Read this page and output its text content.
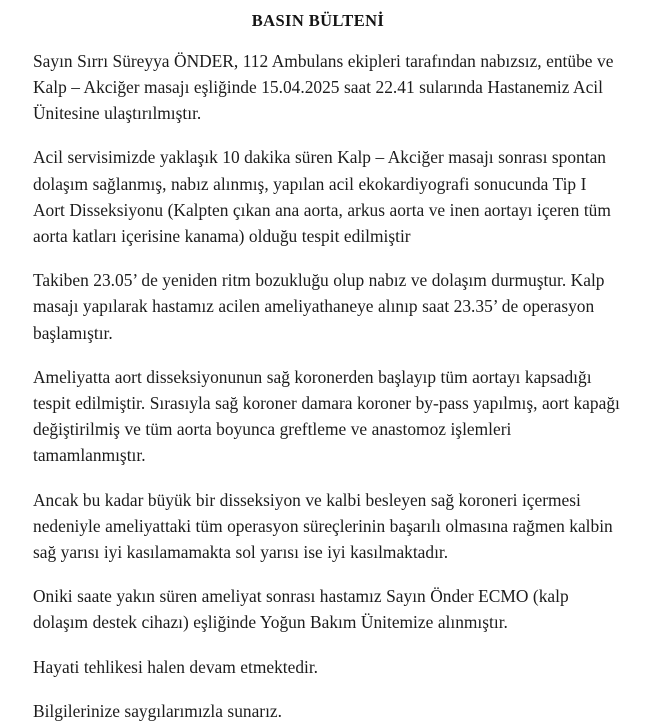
BASIN BÜLTENİ

Sayın Sırrı Süreyya ÖNDER, 112 Ambulans ekipleri tarafından nabızsız, entübe ve Kalp – Akciğer masajı eşliğinde 15.04.2025 saat 22.41 sularında Hastanemiz Acil Ünitesine ulaştırılmıştır.

Acil servisimizde yaklaşık 10 dakika süren Kalp – Akciğer masajı sonrası spontan dolaşım sağlanmış, nabız alınmış, yapılan acil ekokardiyografi sonucunda Tip I Aort Disseksiyonu (Kalpten çıkan ana aorta, arkus aorta ve inen aortayı içeren tüm aorta katları içerisine kanama) olduğu tespit edilmiştir

Takiben 23.05’ de yeniden ritm bozukluğu olup nabız ve dolaşım durmuştur. Kalp masajı yapılarak hastamız acilen ameliyathaneye alınıp saat 23.35’ de operasyon başlamıştır.

Ameliyatta aort disseksiyonunun sağ koronerden başlayıp tüm aortayı kapsadığı tespit edilmiştir. Sırasıyla sağ koroner damara koroner by-pass yapılmış, aort kapağı değiştirilmiş ve tüm aorta boyunca greftleme ve anastomoz işlemleri tamamlanmıştır.

Ancak bu kadar büyük bir disseksiyon ve kalbi besleyen sağ koroneri içermesi nedeniyle ameliyattaki tüm operasyon süreçlerinin başarılı olmasına rağmen kalbin sağ yarısı iyi kasılamamakta sol yarısı ise iyi kasılmaktadır.

Oniki saate yakın süren ameliyat sonrası hastamız Sayın Önder ECMO (kalp dolaşım destek cihazı) eşliğinde Yoğun Bakım Ünitemize alınmıştır.

Hayati tehlikesi halen devam etmektedir.

Bilgilerinize saygılarımızla sunarız.
